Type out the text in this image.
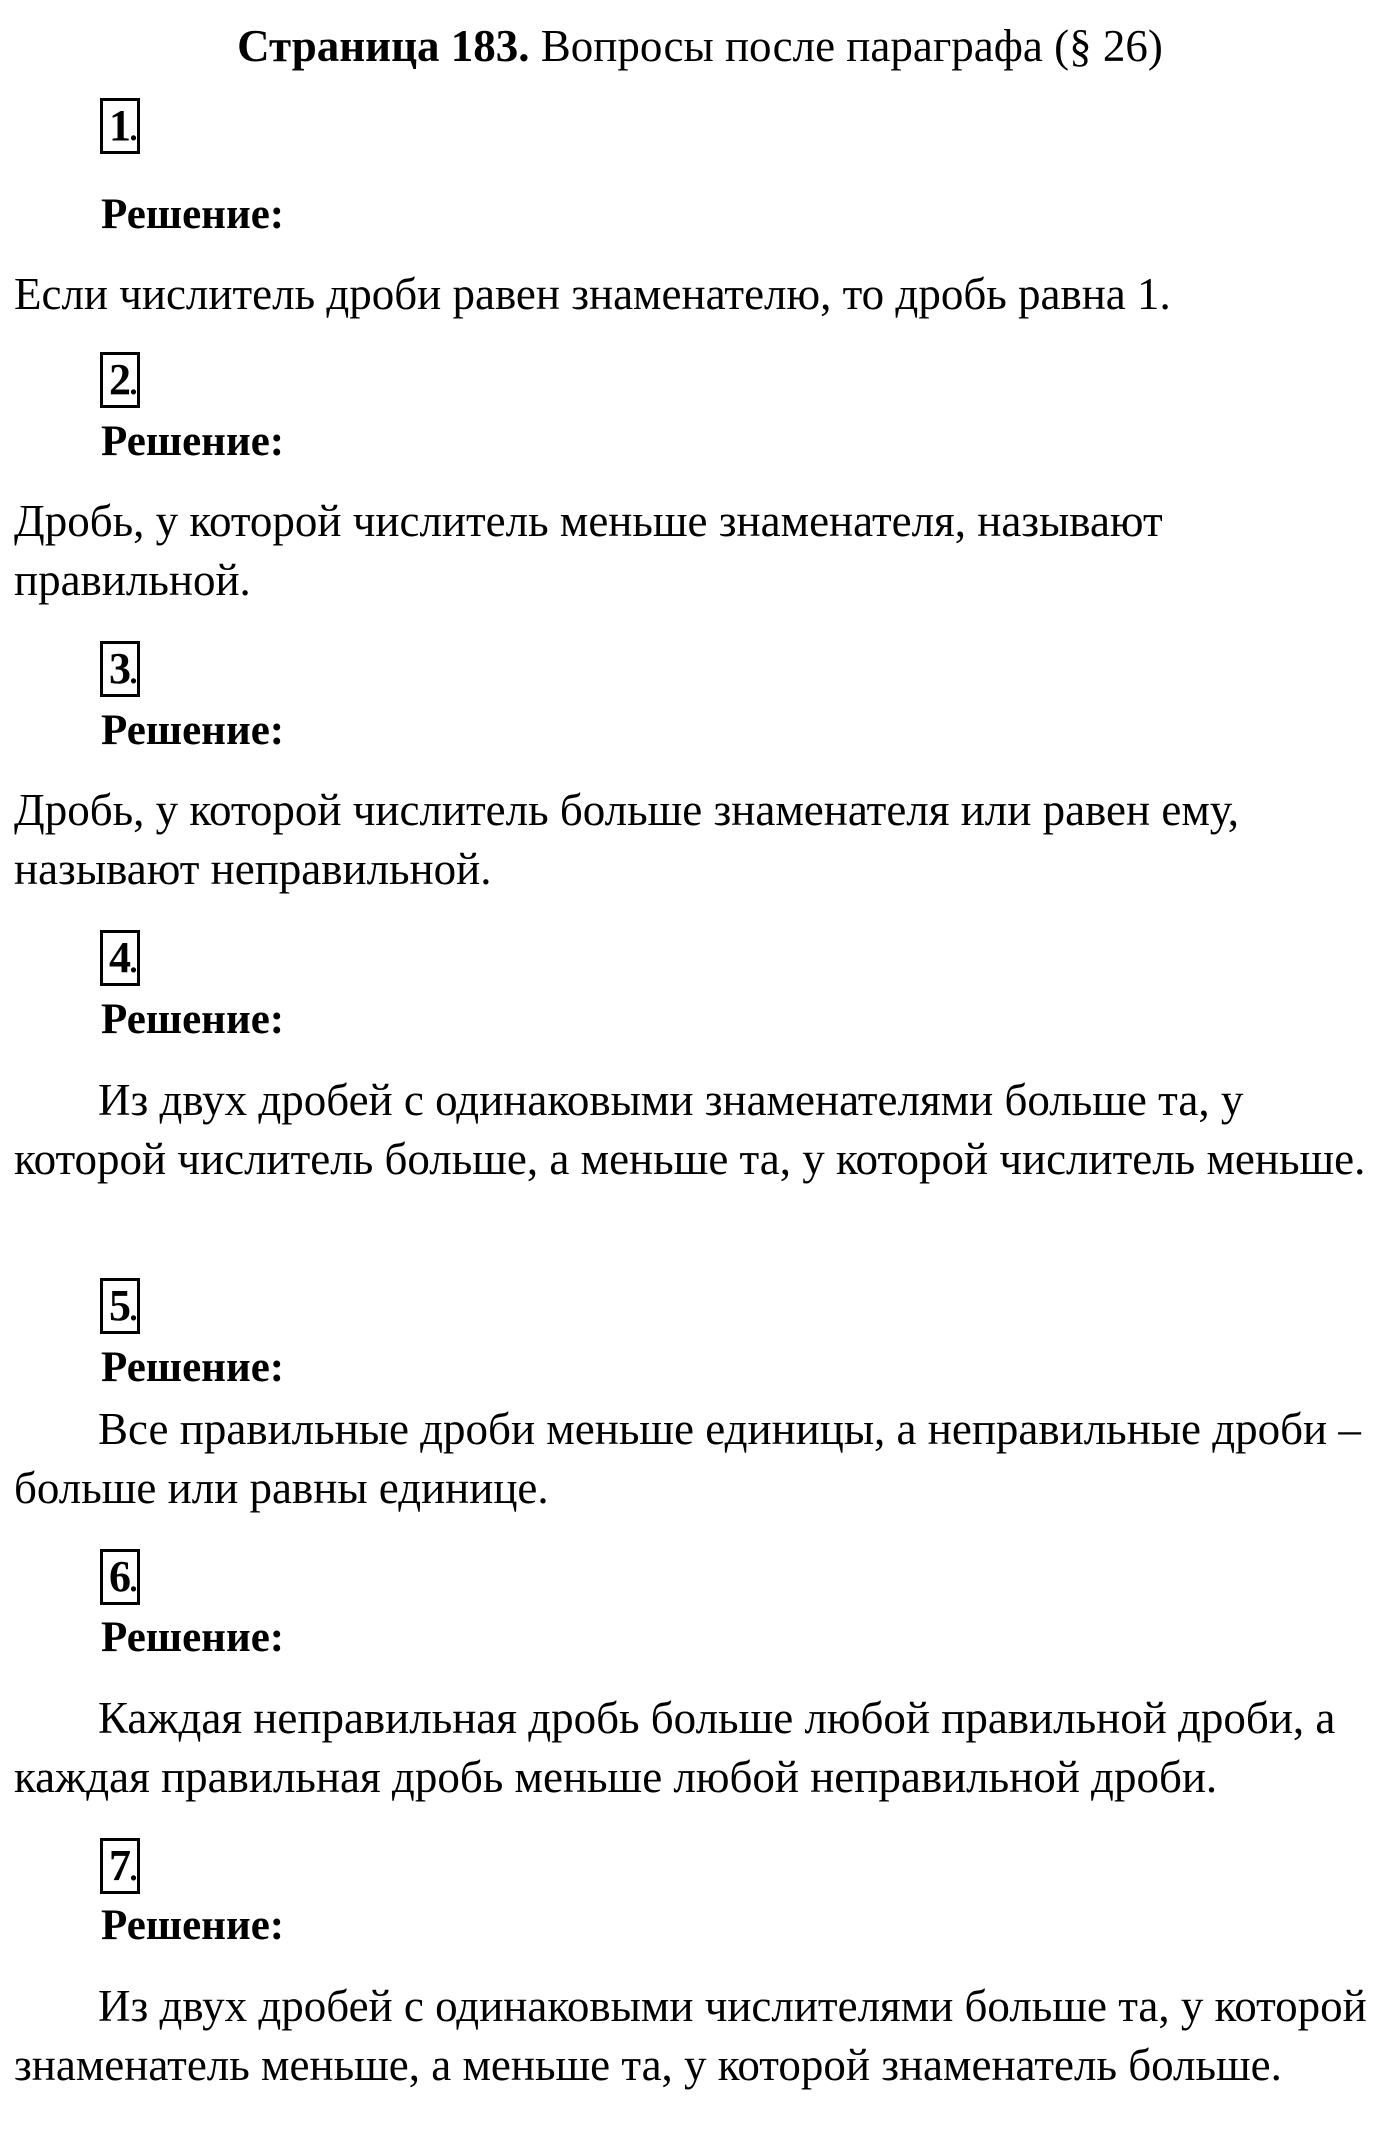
Страница 183. Вопросы после параграфа (§ 26)
1
.
Решение:

Если числитель дроби равен знаменателю, то дробь равна 1.

2
.
Решение:

Дробь, у которой числитель меньше знаменателя, называют правильной.

3
.
Решение:

Дробь, у которой числитель больше знаменателя или равен ему, называют неправильной.

4
.
Решение:

Из двух дробей с одинаковыми знаменателями больше та, у которой числитель больше, а меньше та, у которой числитель меньше.

5
.
Решение:

Все правильные дроби меньше единицы, а неправильные дроби – больше или равны единице.

6
.
Решение:

Каждая неправильная дробь больше любой правильной дроби, а каждая правильная дробь меньше любой неправильной дроби.

7
.
Решение:

Из двух дробей с одинаковыми числителями больше та, у которой знаменатель меньше, а меньше та, у которой знаменатель больше.
